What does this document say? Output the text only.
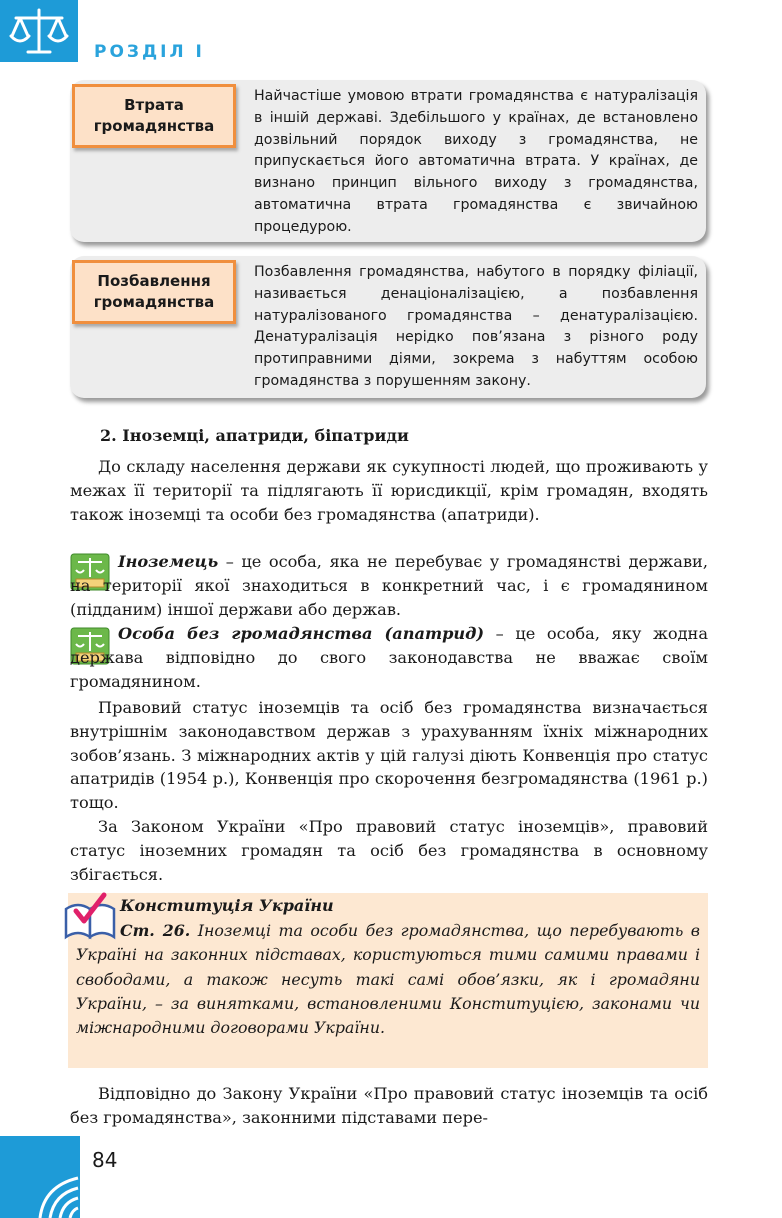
РОЗДІЛ I
Втрата громадянства
Найчастіше умовою втрати громадянства є натуралізація в іншій державі. Здебільшого у країнах, де встановлено дозвільний порядок виходу з громадянства, не припускається його автоматична втрата. У країнах, де визнано принцип вільного виходу з громадянства, автоматична втрата громадянства є звичайною процедурою.
Позбавлення громадянства
Позбавлення громадянства, набутого в порядку філіації, називається денаціоналізацією, а позбавлення натуралізованого громадянства – денатуралізацією. Денатуралізація нерідко пов’язана з різного роду протиправними діями, зокрема з набуттям особою громадянства з порушенням закону.
2. Іноземці, апатриди, біпатриди

До складу населення держави як сукупності людей, що проживають у межах її території та підлягають її юрисдикції, крім громадян, входять також іноземці та особи без громадянства (апатриди).

Іноземець – це особа, яка не перебуває у громадянстві держави, на території якої знаходиться в конкретний час, і є громадянином (підданим) іншої держави або держав.

Особа без громадянства (апатрид) – це особа, яку жодна держава відповідно до свого законодавства не вважає своїм громадянином.

Правовий статус іноземців та осіб без громадянства визначається внутрішнім законодавством держав з урахуванням їхніх міжнародних зобов’язань. З міжнародних актів у цій галузі діють Конвенція про статус апатридів (1954 р.), Конвенція про скорочення безгромадянства (1961 р.) тощо.

За Законом України «Про правовий статус іноземців», правовий статус іноземних громадян та осіб без громадянства в основному збігається.

Конституція України

Ст. 26. Іноземці та особи без громадянства, що перебувають в Україні на законних підставах, користуються тими самими правами і свободами, а також несуть такі самі обов’язки, як і громадяни України, – за винятками, встановленими Конституцією, законами чи міжнародними договорами України.

Відповідно до Закону України «Про правовий статус іноземців та осіб без громадянства», законними підставами пере-

84
